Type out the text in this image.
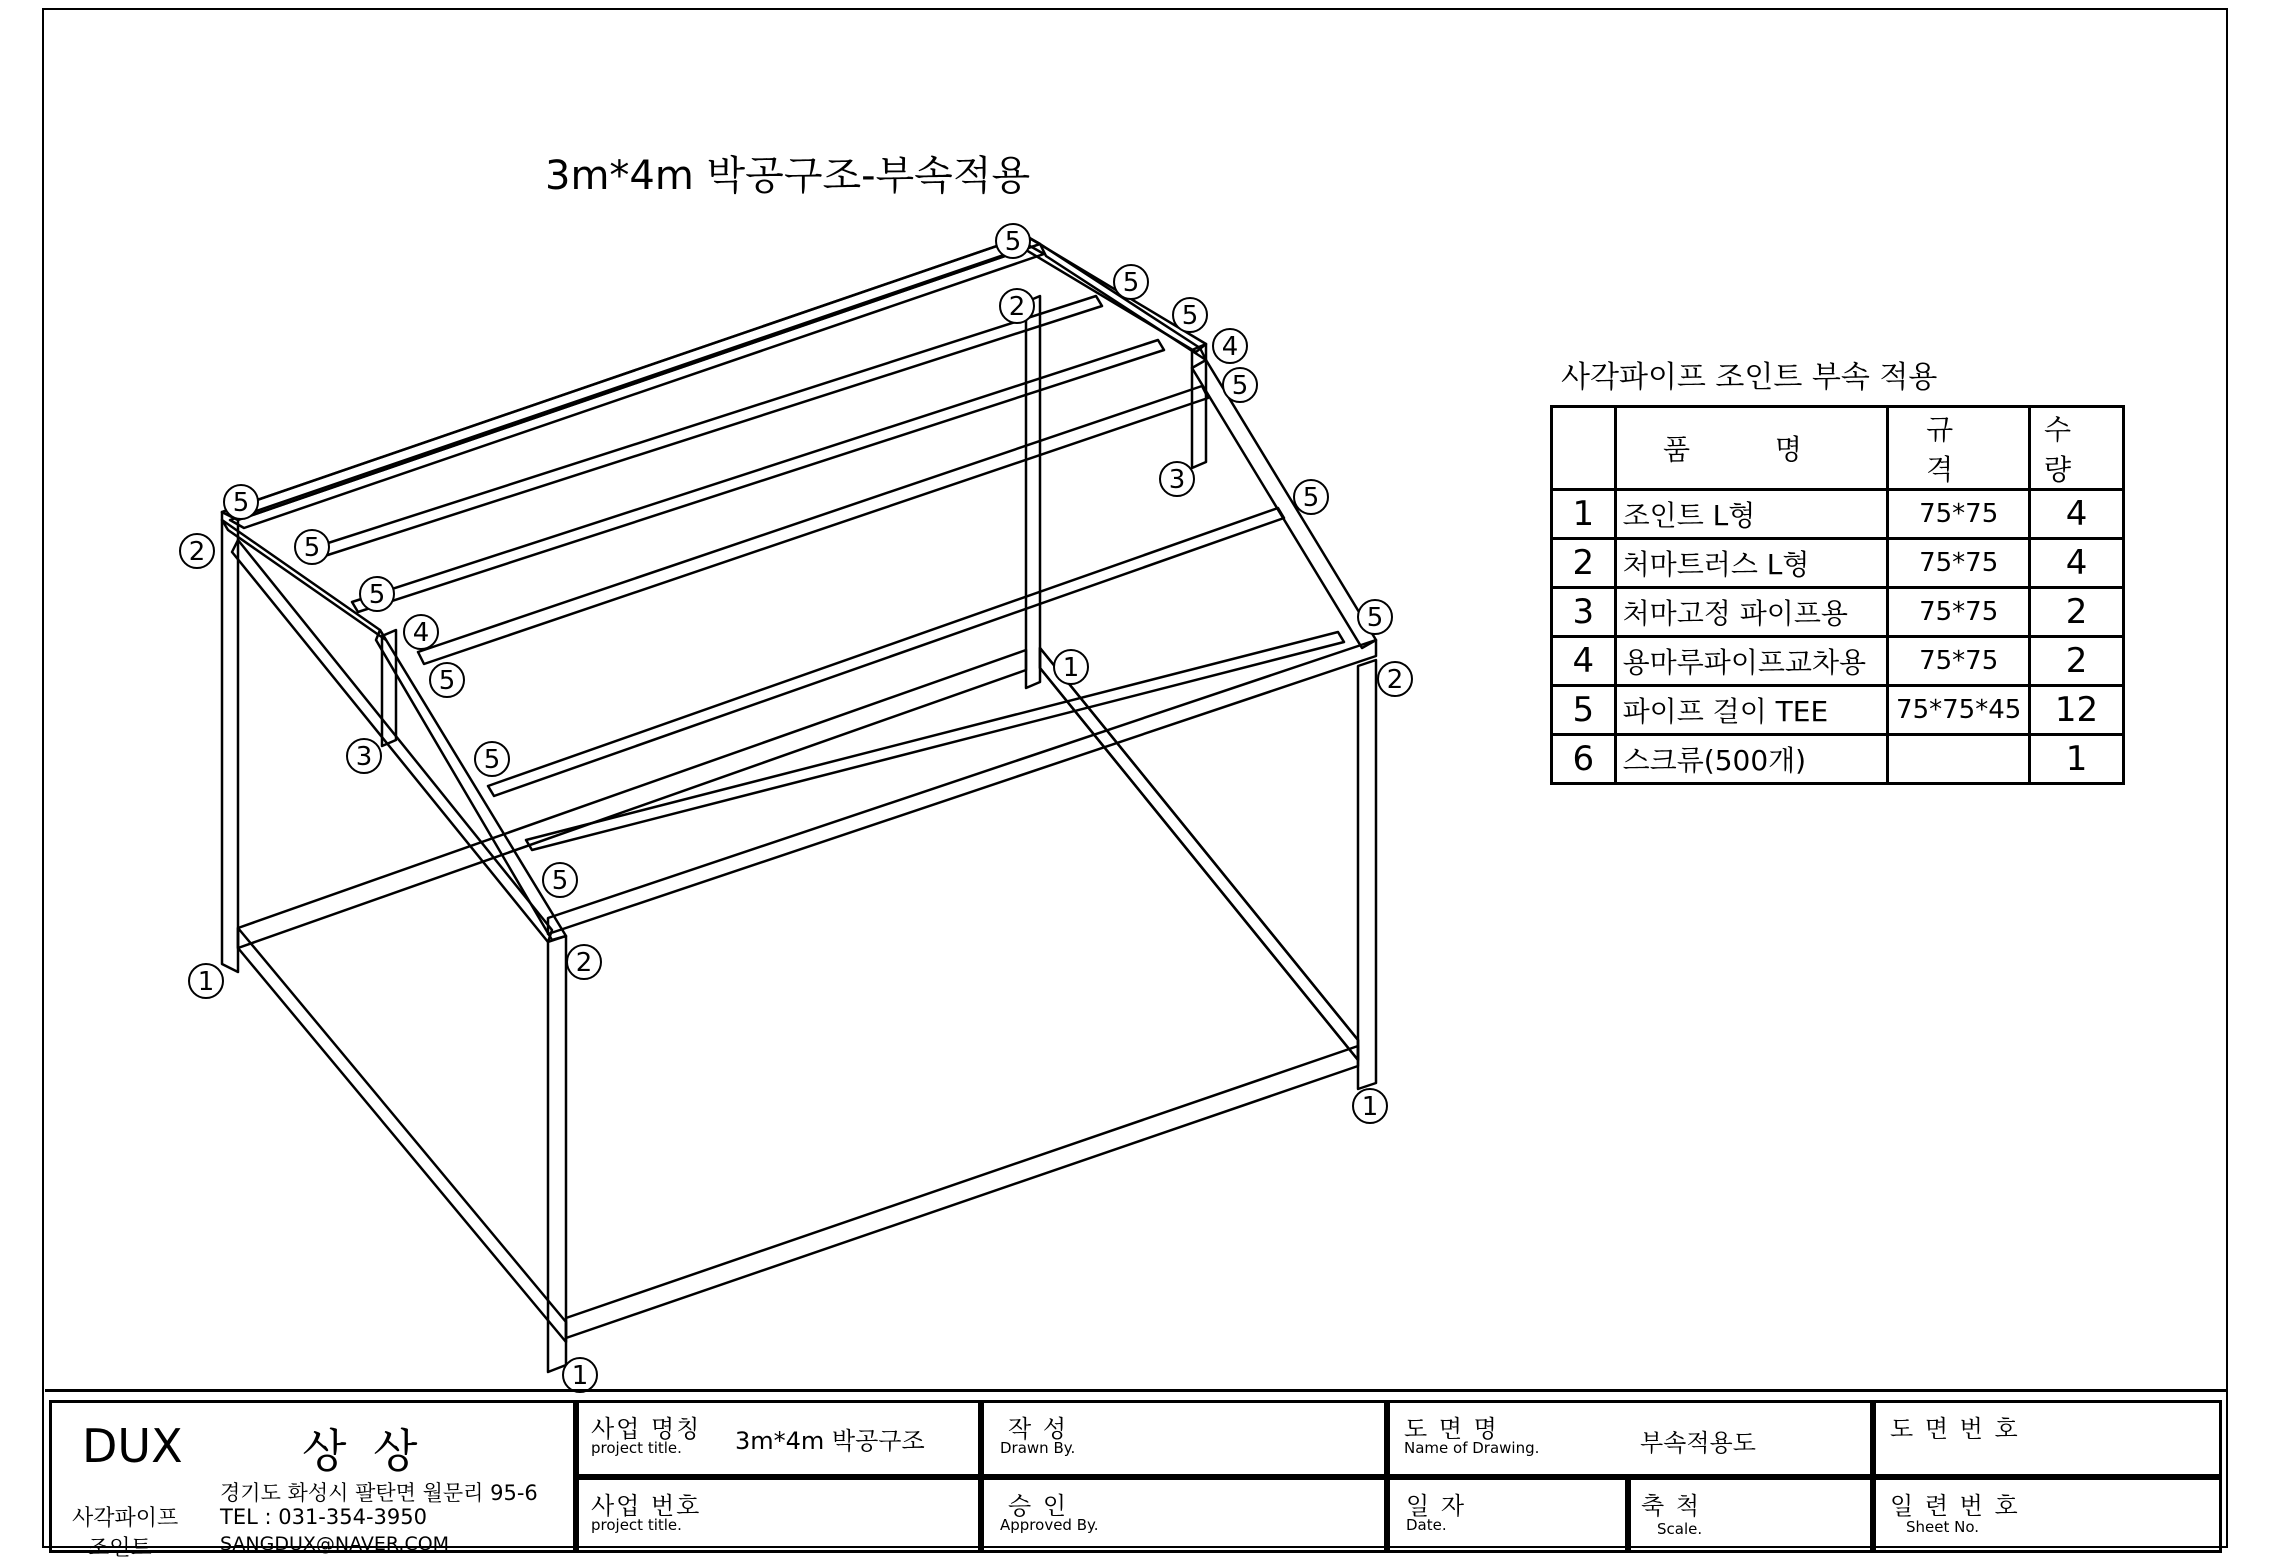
3m*4m 박공구조-부속적용
5
5
5
2
4
5
3
5
5
2
1
5
2	5
5
4
5
3	5
5
2
1
1
1
사각파이프 조인트 부속 적용
	품 명	규 격	수 량
1	조인트 L형	75*75	4
2	처마트러스 L형	75*75	4
3	처마고정 파이프용	75*75	2
4	용마루파이프교차용	75*75	2
5	파이프 걸이 TEE	75*75*45	12
6	스크류(500개)		1
DUX	상 상
사각파이프
조인트
경기도 화성시 팔탄면 월문리 95-6
TEL : 031-354-3950
SANGDUX@NAVER.COM
사업 명칭
project title. 3m*4m 박공구조
사업 번호
project title.
작 성
Drawn By.
승 인
Approved By.
도 면 명
Name of Drawing.	부속적용도
일 자
Date.
축 척
Scale.
도 면 번 호
일 련 번 호
Sheet No.
